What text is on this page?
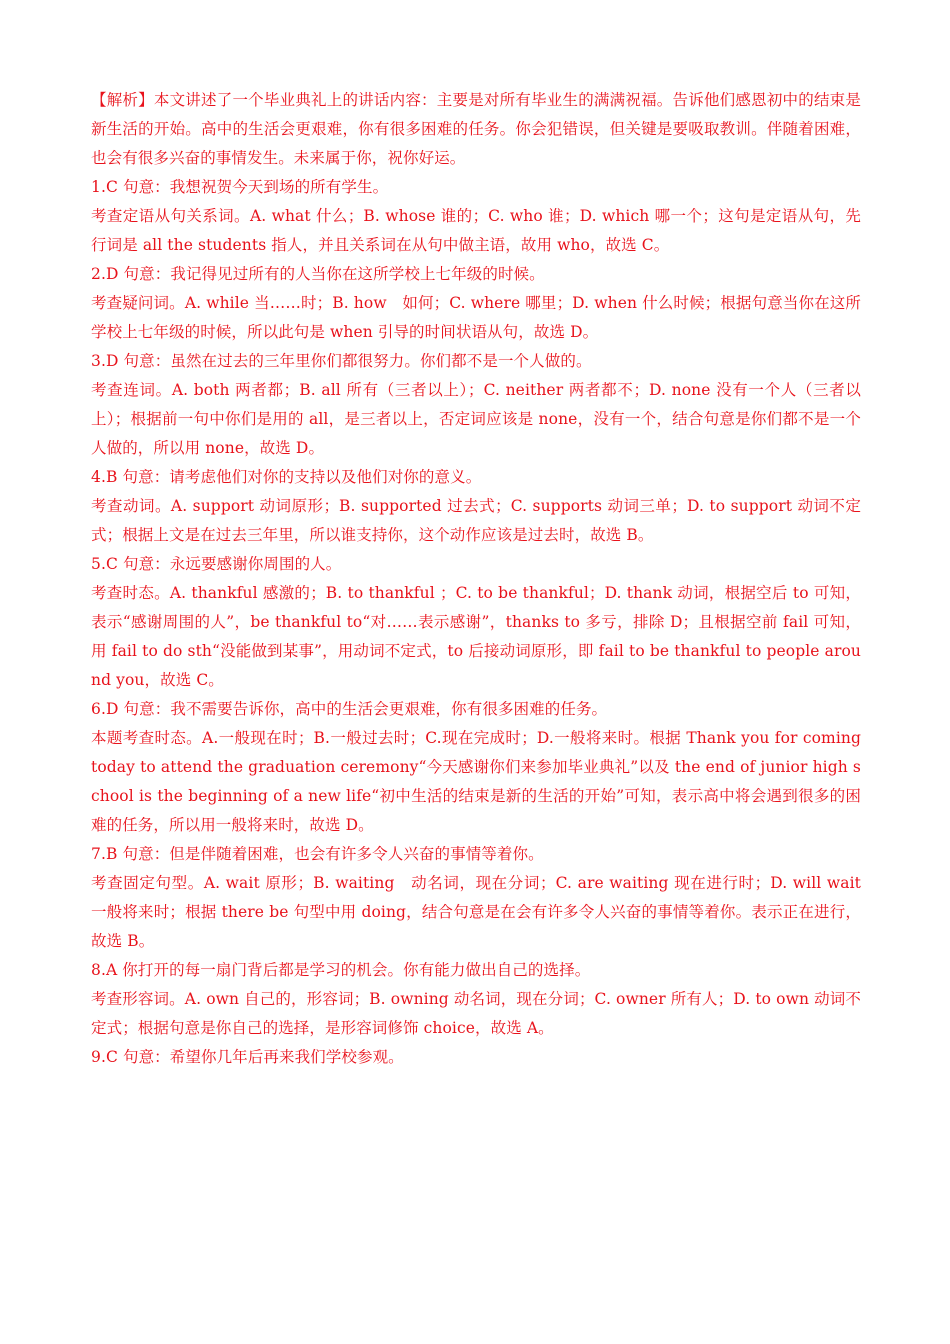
【解析】本文讲述了一个毕业典礼上的讲话内容：主要是对所有毕业生的满满祝福。告诉他们感恩初中的结束是新生活的开始。高中的生活会更艰难，你有很多困难的任务。你会犯错误，但关键是要吸取教训。伴随着困难，也会有很多兴奋的事情发生。未来属于你，祝你好运。

1.C 句意：我想祝贺今天到场的所有学生。

考查定语从句关系词。A. what 什么；B. whose 谁的；C. who 谁；D. which 哪一个；这句是定语从句，先行词是 all the students 指人，并且关系词在从句中做主语，故用 who，故选 C。

2.D 句意：我记得见过所有的人当你在这所学校上七年级的时候。

考查疑问词。A. while 当……时；B. how　如何；C. where 哪里；D. when 什么时候；根据句意当你在这所学校上七年级的时候，所以此句是 when 引导的时间状语从句，故选 D。

3.D 句意：虽然在过去的三年里你们都很努力。你们都不是一个人做的。

考查连词。A. both 两者都；B. all 所有（三者以上）；C. neither 两者都不；D. none 没有一个人（三者以上）；根据前一句中你们是用的 all，是三者以上，否定词应该是 none，没有一个，结合句意是你们都不是一个人做的，所以用 none，故选 D。

4.B 句意：请考虑他们对你的支持以及他们对你的意义。

考查动词。A. support 动词原形；B. supported 过去式；C. supports 动词三单；D. to support 动词不定式；根据上文是在过去三年里，所以谁支持你，这个动作应该是过去时，故选 B。

5.C 句意：永远要感谢你周围的人。

考查时态。A. thankful 感激的；B. to thankful ；C. to be thankful；D. thank 动词，根据空后 to 可知，表示“感谢周围的人”，be thankful to“对……表示感谢”，thanks to 多亏，排除 D；且根据空前 fail 可知，用 fail to do sth“没能做到某事”，用动词不定式，to 后接动词原形，即 fail to be thankful to people around you，故选 C。

6.D 句意：我不需要告诉你，高中的生活会更艰难，你有很多困难的任务。

本题考查时态。A.一般现在时；B.一般过去时；C.现在完成时；D.一般将来时。根据 Thank you for coming today to attend the graduation ceremony“今天感谢你们来参加毕业典礼”以及 the end of junior high school is the beginning of a new life“初中生活的结束是新的生活的开始”可知，表示高中将会遇到很多的困难的任务，所以用一般将来时，故选 D。

7.B 句意：但是伴随着困难，也会有许多令人兴奋的事情等着你。

考查固定句型。A. wait 原形；B. waiting　动名词，现在分词；C. are waiting 现在进行时；D. will wait 一般将来时；根据 there be 句型中用 doing，结合句意是在会有许多令人兴奋的事情等着你。表示正在进行，故选 B。

8.A 你打开的每一扇门背后都是学习的机会。你有能力做出自己的选择。

考查形容词。A. own 自己的，形容词；B. owning 动名词，现在分词；C. owner 所有人；D. to own 动词不定式；根据句意是你自己的选择，是形容词修饰 choice，故选 A。

9.C 句意：希望你几年后再来我们学校参观。
